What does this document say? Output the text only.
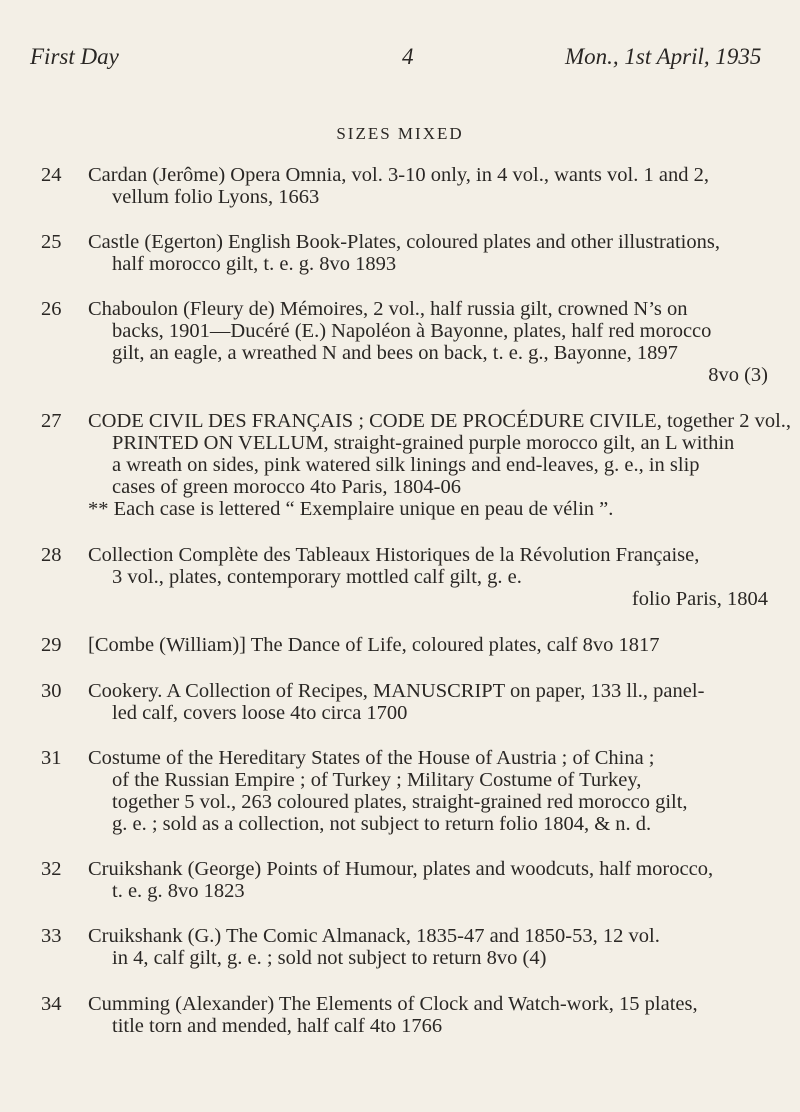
First Day	4	Mon., 1st April, 1935
SIZES MIXED
24 Cardan (Jerôme) Opera Omnia, vol. 3-10 only, in 4 vol., wants vol. 1 and 2,
vellum folio Lyons, 1663
25 Castle (Egerton) English Book-Plates, coloured plates and other illustrations,
half morocco gilt, t. e. g. 8vo 1893
26 Chaboulon (Fleury de) Mémoires, 2 vol., half russia gilt, crowned N’s on
backs, 1901—Ducéré (E.) Napoléon à Bayonne, plates, half red morocco
gilt, an eagle, a wreathed N and bees on back, t. e. g., Bayonne, 1897
8vo (3)
27 CODE CIVIL DES FRANÇAIS ; CODE DE PROCÉDURE CIVILE, together 2 vol.,
PRINTED ON VELLUM, straight-grained purple morocco gilt, an L within
a wreath on sides, pink watered silk linings and end-leaves, g. e., in slip
cases of green morocco 4to Paris, 1804-06
** Each case is lettered “ Exemplaire unique en peau de vélin ”.
28 Collection Complète des Tableaux Historiques de la Révolution Française,
3 vol., plates, contemporary mottled calf gilt, g. e.
folio Paris, 1804
29 [Combe (William)] The Dance of Life, coloured plates, calf 8vo 1817
30 Cookery. A Collection of Recipes, MANUSCRIPT on paper, 133 ll., panel-
led calf, covers loose 4to circa 1700
31 Costume of the Hereditary States of the House of Austria ; of China ;
of the Russian Empire ; of Turkey ; Military Costume of Turkey,
together 5 vol., 263 coloured plates, straight-grained red morocco gilt,
g. e. ; sold as a collection, not subject to return folio 1804, & n. d.
32 Cruikshank (George) Points of Humour, plates and woodcuts, half morocco,
t. e. g. 8vo 1823
33 Cruikshank (G.) The Comic Almanack, 1835-47 and 1850-53, 12 vol.
in 4, calf gilt, g. e. ; sold not subject to return 8vo (4)
34 Cumming (Alexander) The Elements of Clock and Watch-work, 15 plates,
title torn and mended, half calf 4to 1766
